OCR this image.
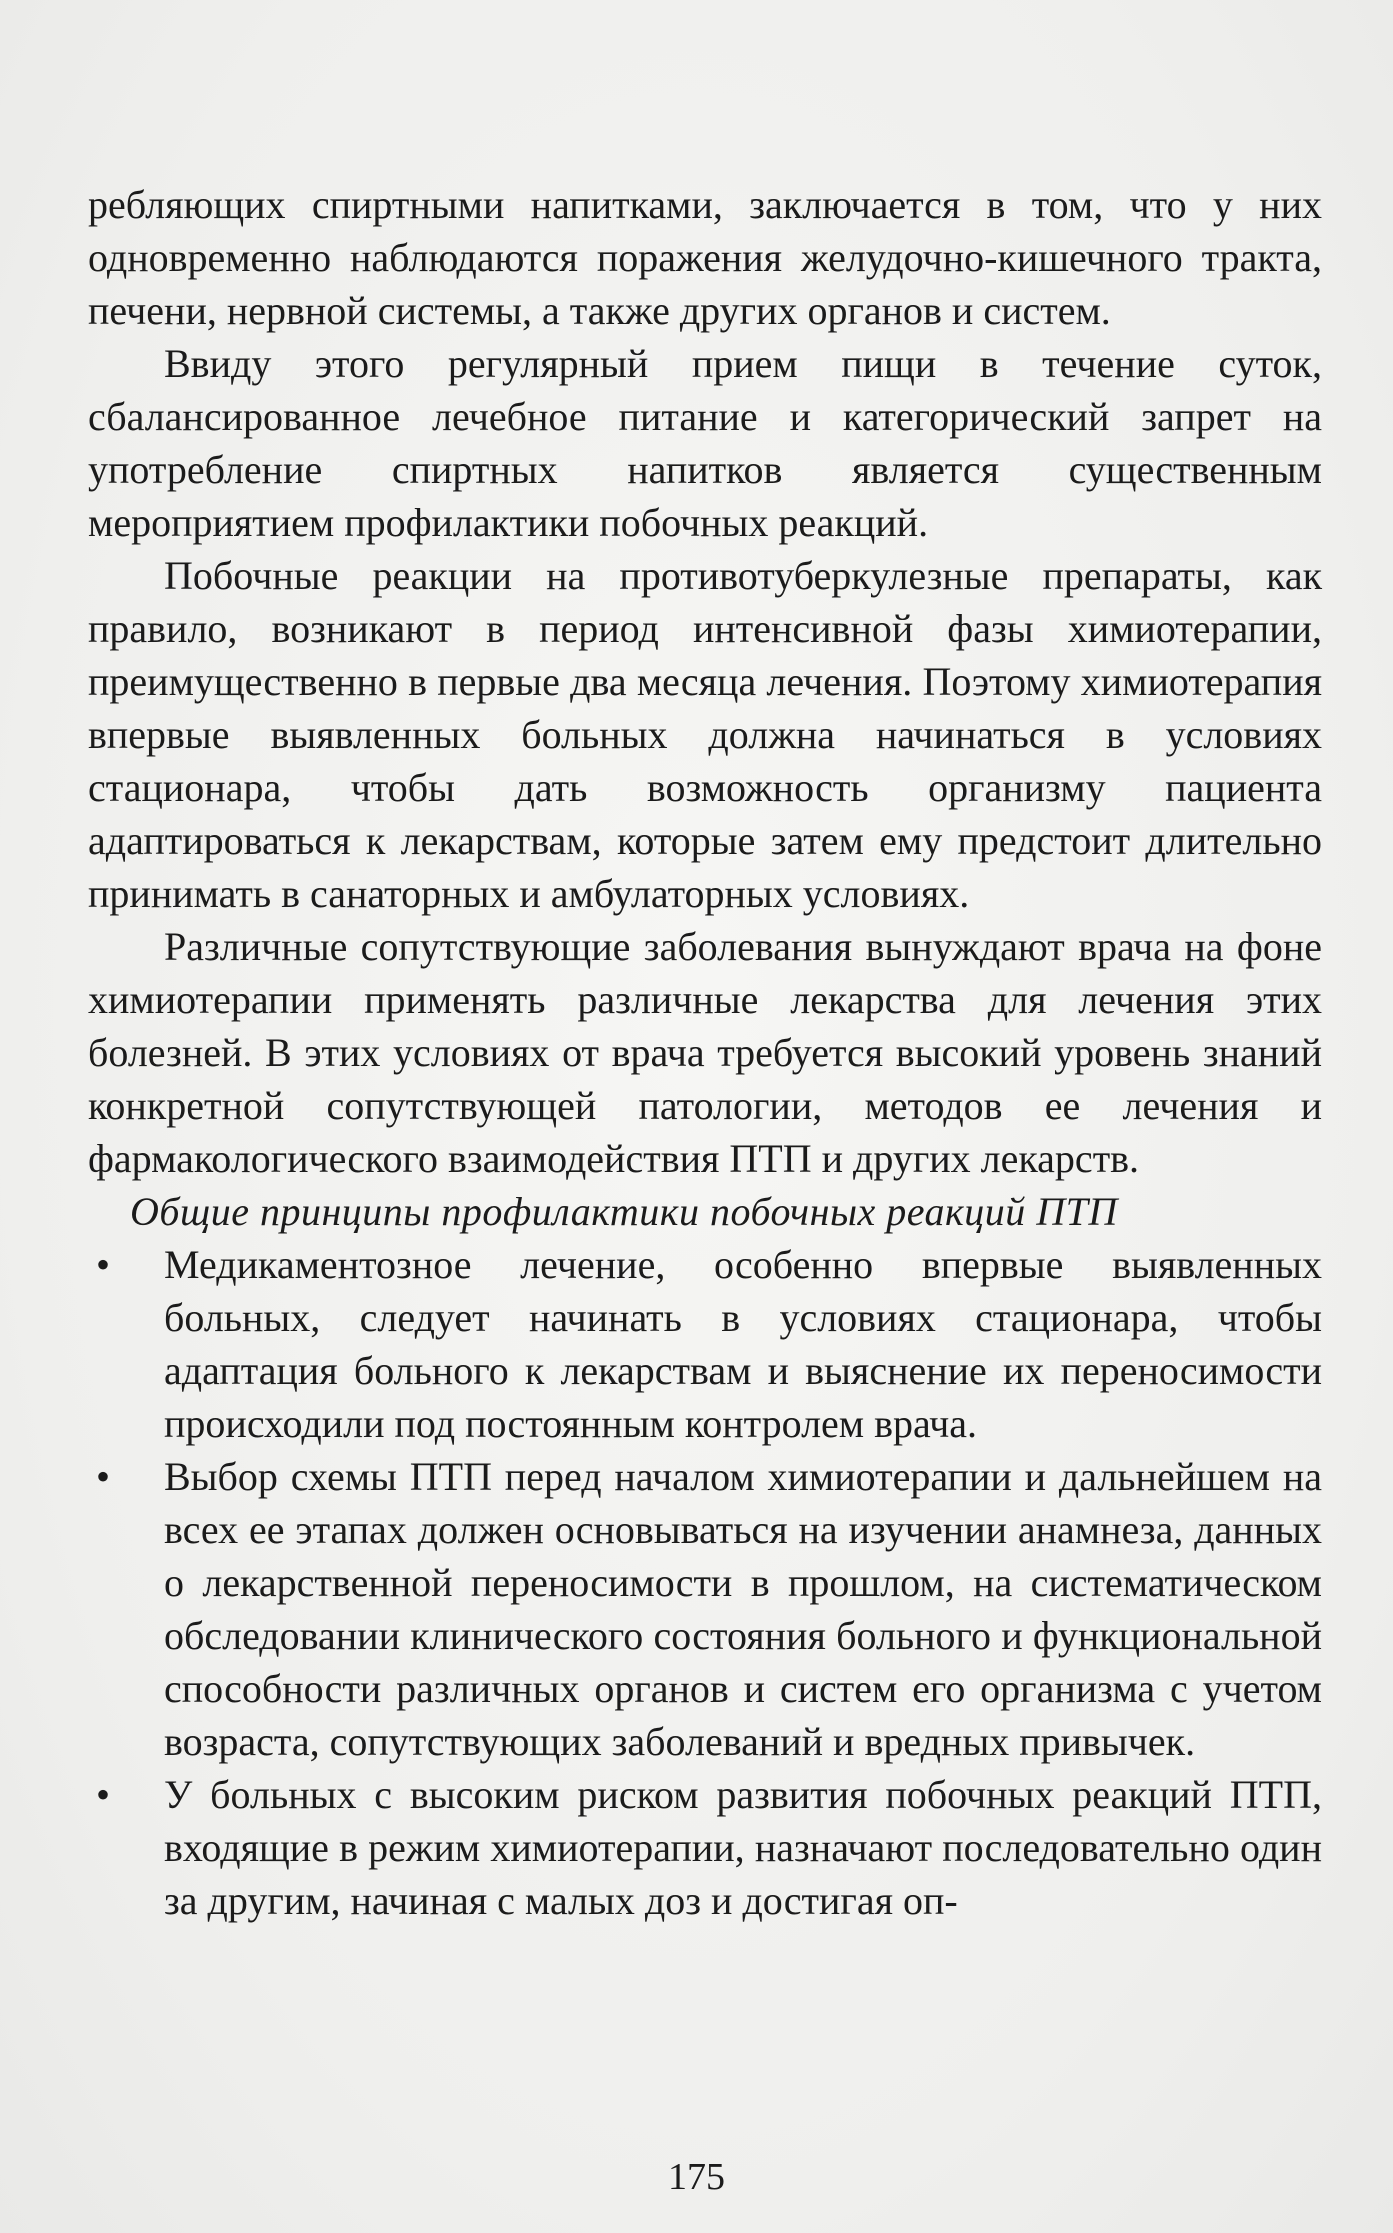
ребляющих спиртными напитками, заключается в том, что у них одновременно наблюдаются поражения желудочно-кишечного тракта, печени, нервной системы, а также других органов и систем.

Ввиду этого регулярный прием пищи в течение суток, сбалансированное лечебное питание и категорический запрет на употребление спиртных напитков является существенным мероприятием профилактики побочных реакций.

Побочные реакции на противотуберкулезные препараты, как правило, возникают в период интенсивной фазы химиотерапии, преимущественно в первые два месяца лечения. Поэтому химиотерапия впервые выявленных больных должна начинаться в условиях стационара, чтобы дать возможность организму пациента адаптироваться к лекарствам, которые затем ему предстоит длительно принимать в санаторных и амбулаторных условиях.

Различные сопутствующие заболевания вынуждают врача на фоне химиотерапии применять различные лекарства для лечения этих болезней. В этих условиях от врача требуется высокий уровень знаний конкретной сопутствующей патологии, методов ее лечения и фармакологического взаимодействия ПТП и других лекарств.

Общие принципы профилактики побочных реакций ПТП

• Медикаментозное лечение, особенно впервые выявленных больных, следует начинать в условиях стационара, чтобы адаптация больного к лекарствам и выяснение их переносимости происходили под постоянным контролем врача.
• Выбор схемы ПТП перед началом химиотерапии и дальнейшем на всех ее этапах должен основываться на изучении анамнеза, данных о лекарственной переносимости в прошлом, на систематическом обследовании клинического состояния больного и функциональной способности различных органов и систем его организма с учетом возраста, сопутствующих заболеваний и вредных привычек.
• У больных с высоким риском развития побочных реакций ПТП, входящие в режим химиотерапии, назначают последовательно один за другим, начиная с малых доз и достигая оп-
175
